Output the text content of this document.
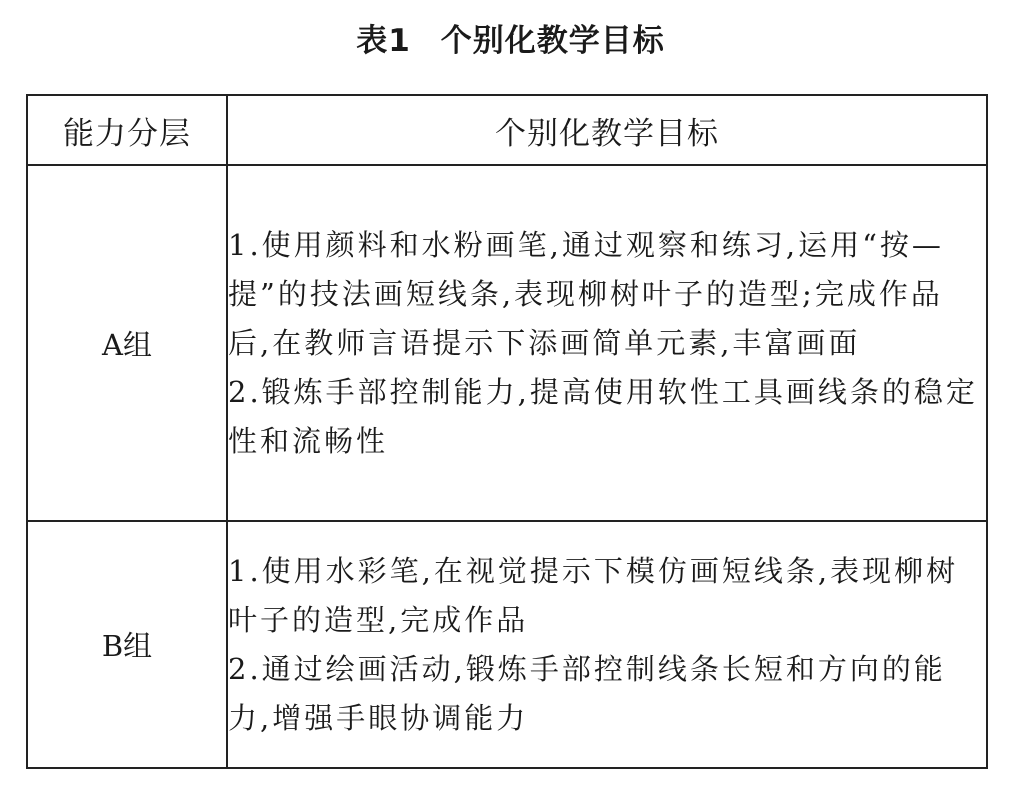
表1 个别化教学目标
能力分层	个别化教学目标
A组	1.使用颜料和水粉画笔,通过观察和练习,运用“按—提”的技法画短线条,表现柳树叶子的造型;完成作品后,在教师言语提示下添画简单元素,丰富画面
2.锻炼手部控制能力,提高使用软性工具画线条的稳定性和流畅性

B组	1.使用水彩笔,在视觉提示下模仿画短线条,表现柳树叶子的造型,完成作品
2.通过绘画活动,锻炼手部控制线条长短和方向的能力,增强手眼协调能力
